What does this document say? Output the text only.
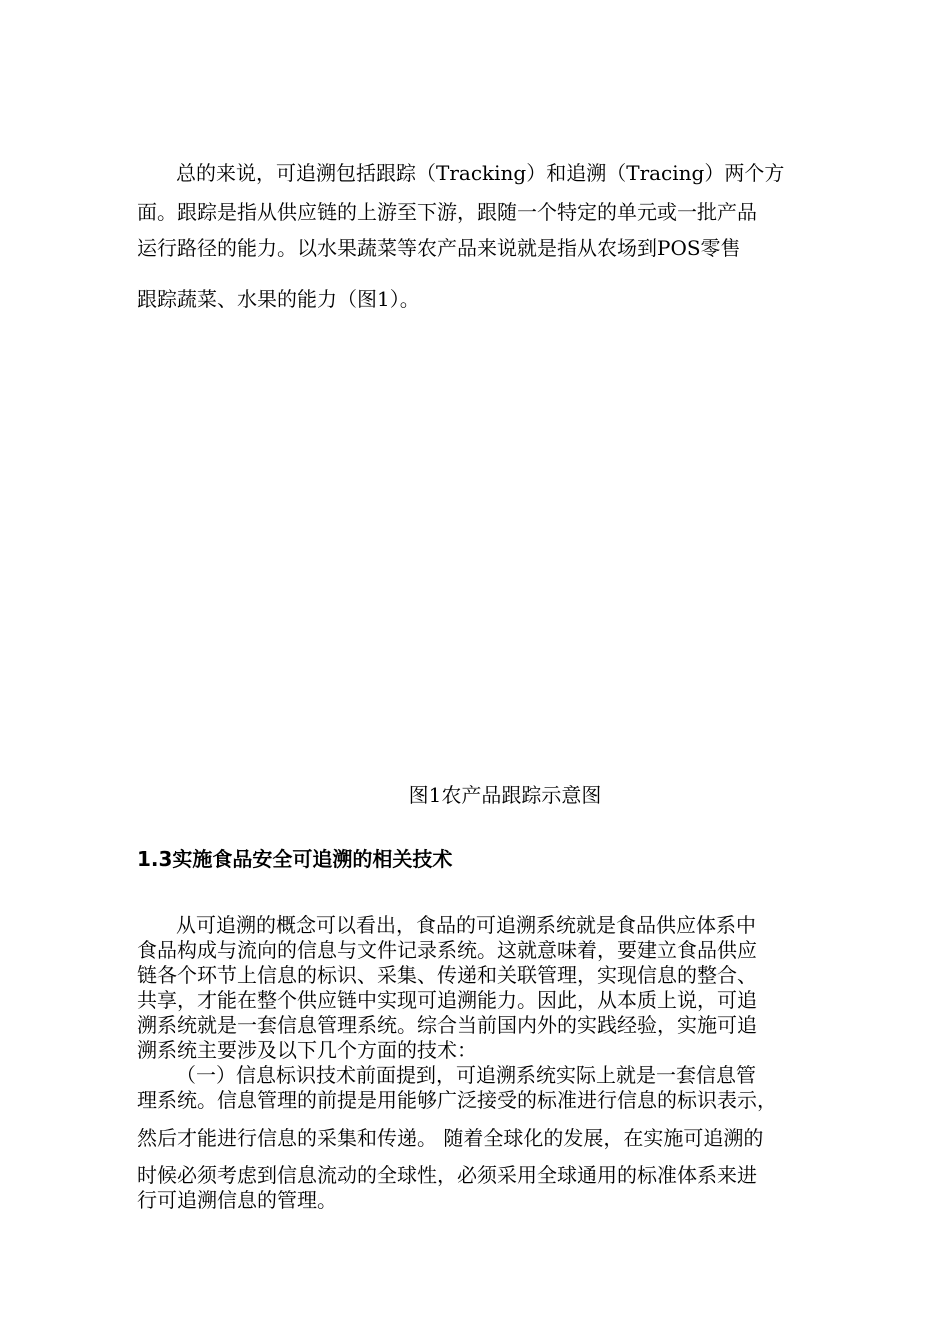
总的来说，可追溯包括跟踪（Tracking）和追溯（Tracing）两个方
面。跟踪是指从供应链的上游至下游，跟随一个特定的单元或一批产品
运行路径的能力。以水果蔬菜等农产品来说就是指从农场到POS零售
跟踪蔬菜、水果的能力（图1）。
图1农产品跟踪示意图
1.3实施食品安全可追溯的相关技术
从可追溯的概念可以看出，食品的可追溯系统就是食品供应体系中
食品构成与流向的信息与文件记录系统。这就意味着，要建立食品供应
链各个环节上信息的标识、采集、传递和关联管理，实现信息的整合、
共享，才能在整个供应链中实现可追溯能力。因此，从本质上说，可追
溯系统就是一套信息管理系统。综合当前国内外的实践经验，实施可追
溯系统主要涉及以下几个方面的技术：
（一）信息标识技术前面提到，可追溯系统实际上就是一套信息管
理系统。信息管理的前提是用能够广泛接受的标准进行信息的标识表示，
然后才能进行信息的采集和传递。 随着全球化的发展，在实施可追溯的
时候必须考虑到信息流动的全球性，必须采用全球通用的标准体系来进
行可追溯信息的管理。
